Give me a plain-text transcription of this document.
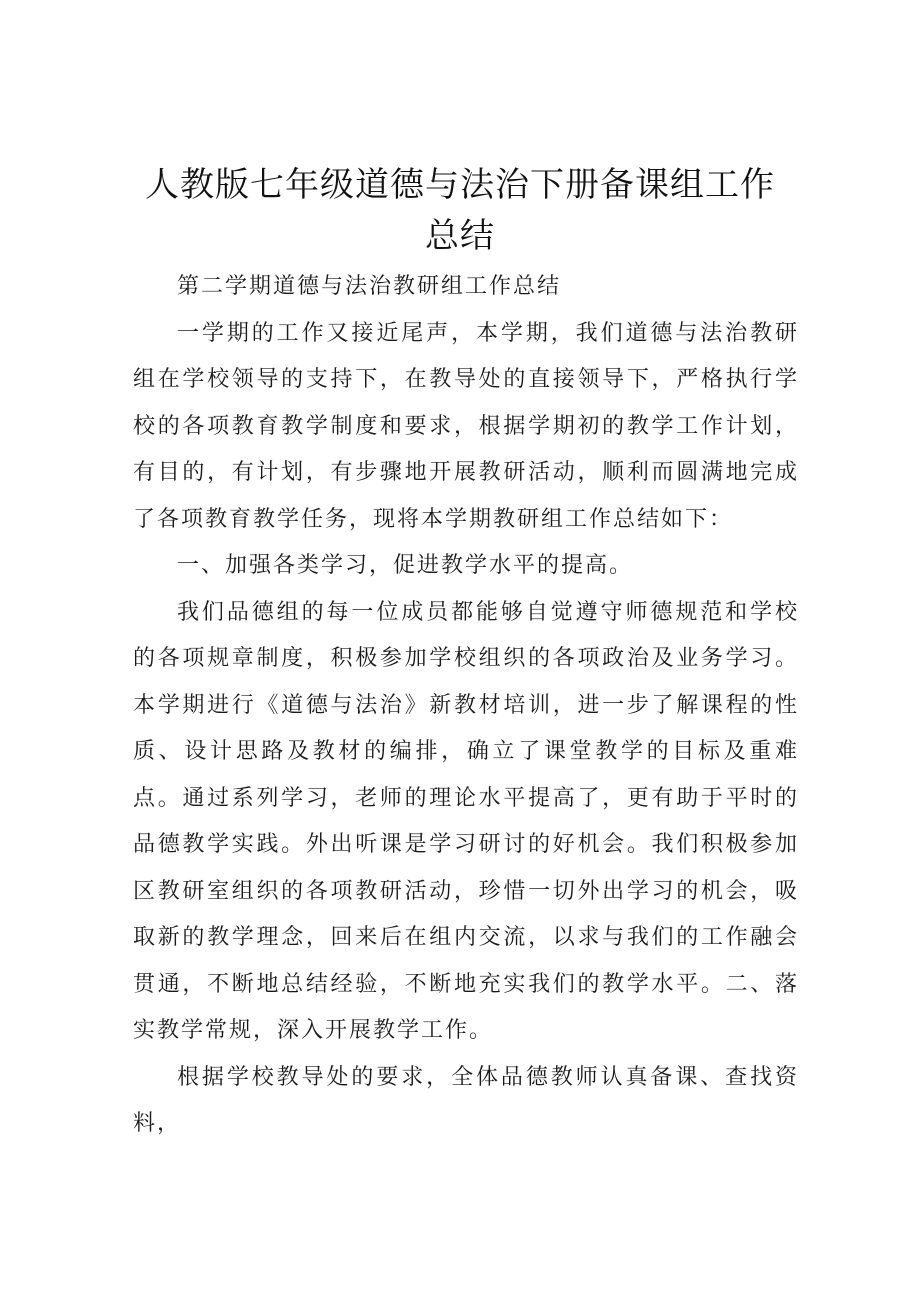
人教版七年级道德与法治下册备课组工作
总结

第二学期道德与法治教研组工作总结

一学期的工作又接近尾声，本学期，我们道德与法治教研组在学校领导的支持下，在教导处的直接领导下，严格执行学校的各项教育教学制度和要求，根据学期初的教学工作计划，有目的，有计划，有步骤地开展教研活动，顺利而圆满地完成了各项教育教学任务，现将本学期教研组工作总结如下：

一、加强各类学习，促进教学水平的提高。

我们品德组的每一位成员都能够自觉遵守师德规范和学校的各项规章制度，积极参加学校组织的各项政治及业务学习。本学期进行《道德与法治》新教材培训，进一步了解课程的性质、设计思路及教材的编排，确立了课堂教学的目标及重难点。通过系列学习，老师的理论水平提高了，更有助于平时的品德教学实践。外出听课是学习研讨的好机会。我们积极参加区教研室组织的各项教研活动，珍惜一切外出学习的机会，吸取新的教学理念，回来后在组内交流，以求与我们的工作融会贯通，不断地总结经验，不断地充实我们的教学水平。二、落实教学常规，深入开展教学工作。

根据学校教导处的要求，全体品德教师认真备课、查找资料，
